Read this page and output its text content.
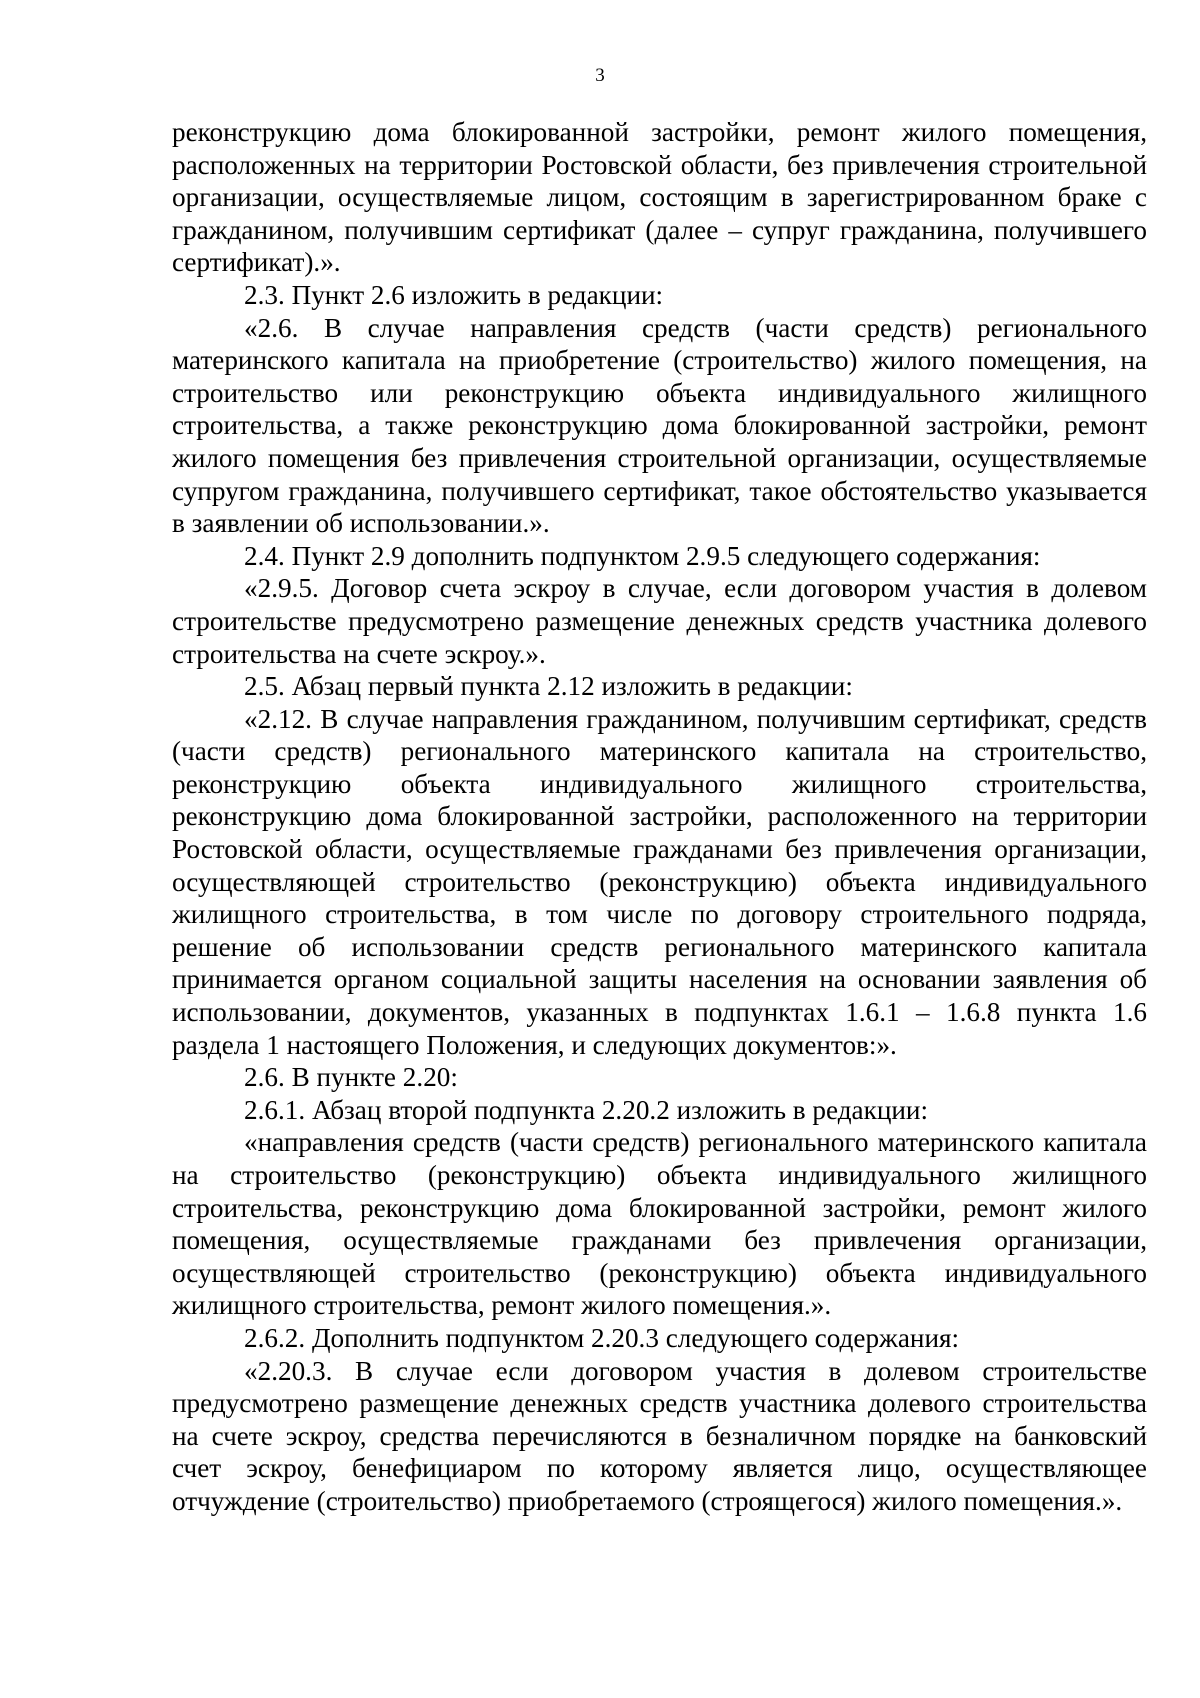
3

реконструкцию дома блокированной застройки, ремонт жилого помещения, расположенных на территории Ростовской области, без привлечения строительной организации, осуществляемые лицом, состоящим в зарегистрированном браке с гражданином, получившим сертификат (далее – супруг гражданина, получившего сертификат).».

2.3. Пункт 2.6 изложить в редакции:

«2.6. В случае направления средств (части средств) регионального материнского капитала на приобретение (строительство) жилого помещения, на строительство или реконструкцию объекта индивидуального жилищного строительства, а также реконструкцию дома блокированной застройки, ремонт жилого помещения без привлечения строительной организации, осуществляемые супругом гражданина, получившего сертификат, такое обстоятельство указывается в заявлении об использовании.».

2.4. Пункт 2.9 дополнить подпунктом 2.9.5 следующего содержания:

«2.9.5. Договор счета эскроу в случае, если договором участия в долевом строительстве предусмотрено размещение денежных средств участника долевого строительства на счете эскроу.».

2.5. Абзац первый пункта 2.12 изложить в редакции:

«2.12. В случае направления гражданином, получившим сертификат, средств (части средств) регионального материнского капитала на строительство, реконструкцию объекта индивидуального жилищного строительства, реконструкцию дома блокированной застройки, расположенного на территории Ростовской области, осуществляемые гражданами без привлечения организации, осуществляющей строительство (реконструкцию) объекта индивидуального жилищного строительства, в том числе по договору строительного подряда, решение об использовании средств регионального материнского капитала принимается органом социальной защиты населения на основании заявления об использовании, документов, указанных в подпунктах 1.6.1 – 1.6.8 пункта 1.6 раздела 1 настоящего Положения, и следующих документов:».

2.6. В пункте 2.20:

2.6.1. Абзац второй подпункта 2.20.2 изложить в редакции:

«направления средств (части средств) регионального материнского капитала на строительство (реконструкцию) объекта индивидуального жилищного строительства, реконструкцию дома блокированной застройки, ремонт жилого помещения, осуществляемые гражданами без привлечения организации, осуществляющей строительство (реконструкцию) объекта индивидуального жилищного строительства, ремонт жилого помещения.».

2.6.2. Дополнить подпунктом 2.20.3 следующего содержания:

«2.20.3. В случае если договором участия в долевом строительстве предусмотрено размещение денежных средств участника долевого строительства на счете эскроу, средства перечисляются в безналичном порядке на банковский счет эскроу, бенефициаром по которому является лицо, осуществляющее отчуждение (строительство) приобретаемого (строящегося) жилого помещения.».
